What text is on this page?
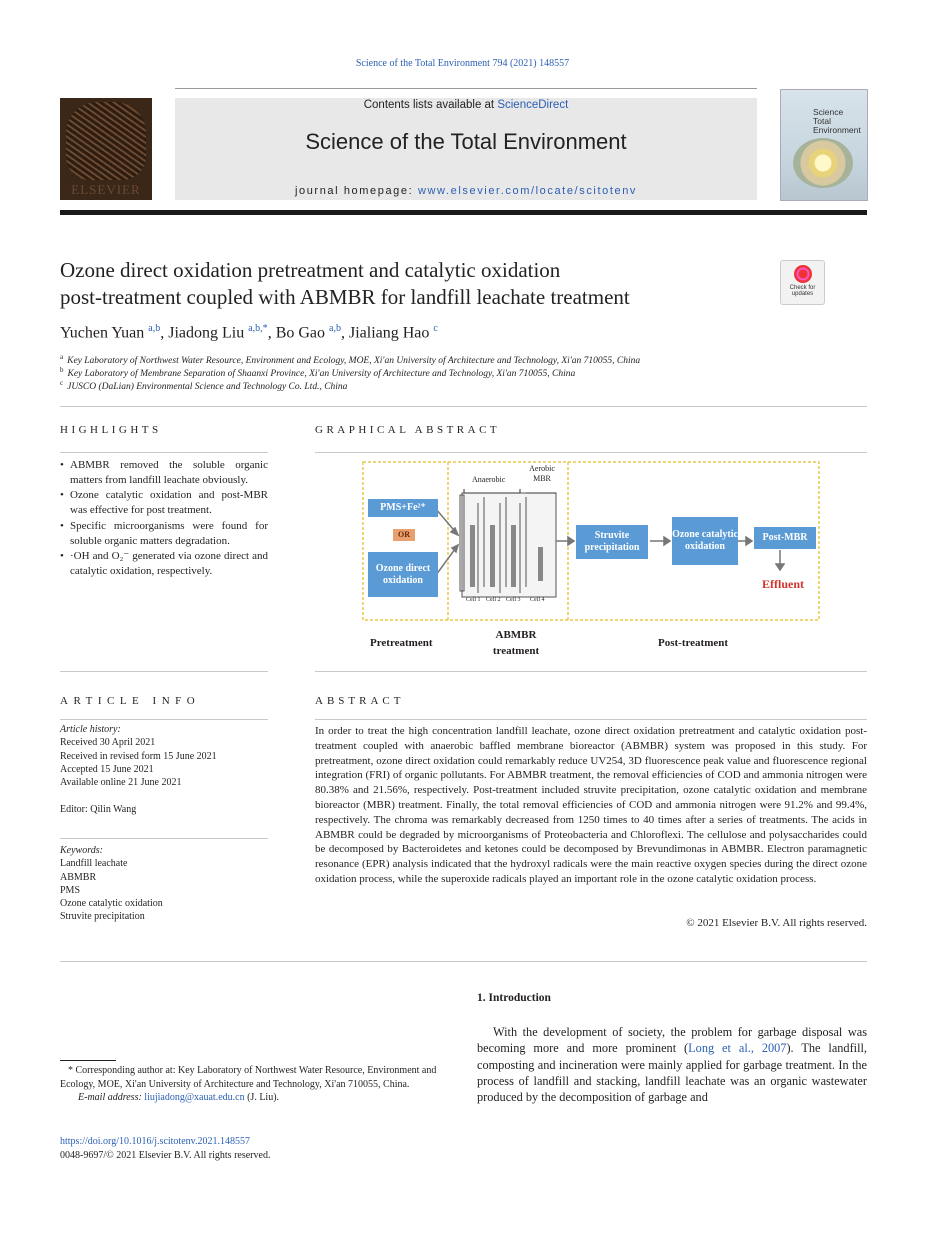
Science of the Total Environment 794 (2021) 148557
ELSEVIER
Contents lists available at ScienceDirect
Science of the Total Environment
journal homepage: www.elsevier.com/locate/scitotenv
Science
Total Environment
Ozone direct oxidation pretreatment and catalytic oxidation
post-treatment coupled with ABMBR for landfill leachate treatment	Check for
updates
Yuchen Yuan $^{a,b}$, Jiadong Liu $^{a,b,*}$, Bo Gao $^{a,b}$, Jialiang Hao $^c$
$^a$ Key Laboratory of Northwest Water Resource, Environment and Ecology, MOE, Xi'an University of Architecture and Technology, Xi'an 710055, China
$^b$ Key Laboratory of Membrane Separation of Shaanxi Province, Xi'an University of Architecture and Technology, Xi'an 710055, China
$^c$ JUSCO (DaLian) Environmental Science and Technology Co. Ltd., China
HIGHLIGHTS
• ABMBR removed the soluble organic matters from landfill leachate obviously.
• Ozone catalytic oxidation and post-MBR was effective for post treatment.
• Specific microorganisms were found for soluble organic matters degradation.
• ·OH and O₂⁻ generated via ozone direct and catalytic oxidation, respectively.
GRAPHICAL ABSTRACT
PMS+Fe²⁺
OR
Ozone direct oxidation
Anaerobic
Aerobic MBR
Cell 1 Cell 2 Cell 3 Cell 4
Struvite precipitation
Ozone catalytic oxidation
Post-MBR
Effluent
Pretreatment
ABMBR treatment
Post-treatment
ARTICLE INFO
Article history:
Received 30 April 2021
Received in revised form 15 June 2021
Accepted 15 June 2021
Available online 21 June 2021
Editor: Qilin Wang
Keywords:
Landfill leachate
ABMBR
PMS
Ozone catalytic oxidation
Struvite precipitation
ABSTRACT
In order to treat the high concentration landfill leachate, ozone direct oxidation pretreatment and catalytic oxidation post-treatment coupled with anaerobic baffled membrane bioreactor (ABMBR) system was proposed in this study. For pretreatment, ozone direct oxidation could remarkably reduce UV254, 3D fluorescence peak value and fluorescence regional integration (FRI) of organic pollutants. For ABMBR treatment, the removal efficiencies of COD and ammonia nitrogen were 80.38% and 21.56%, respectively. Post-treatment included struvite precipitation, ozone catalytic oxidation and membrane bioreactor (MBR) treatment. Finally, the total removal efficiencies of COD and ammonia nitrogen were 91.2% and 99.4%, respectively. The chroma was remarkably decreased from 1250 times to 40 times after a series of treatments. The acids in ABMBR could be degraded by microorganisms of Proteobacteria and Chloroflexi. The cellulose and polysaccharides could be decomposed by Bacteroidetes and ketones could be decomposed by Brevundimonas in ABMBR. Electron paramagnetic resonance (EPR) analysis indicated that the hydroxyl radicals were the main reactive oxygen species during the direct ozone oxidation process, while the superoxide radicals played an important role in the ozone catalytic oxidation process.
© 2021 Elsevier B.V. All rights reserved.
1. Introduction
With the development of society, the problem for garbage disposal was becoming more and more prominent (Long et al., 2007). The landfill, composting and incineration were mainly applied for garbage treatment. In the process of landfill and stacking, landfill leachate was an organic wastewater produced by the decomposition of garbage and
* Corresponding author at: Key Laboratory of Northwest Water Resource, Environment and Ecology, MOE, Xi'an University of Architecture and Technology, Xi'an 710055, China.
E-mail address: liujiadong@xauat.edu.cn (J. Liu).
https://doi.org/10.1016/j.scitotenv.2021.148557
0048-9697/© 2021 Elsevier B.V. All rights reserved.
